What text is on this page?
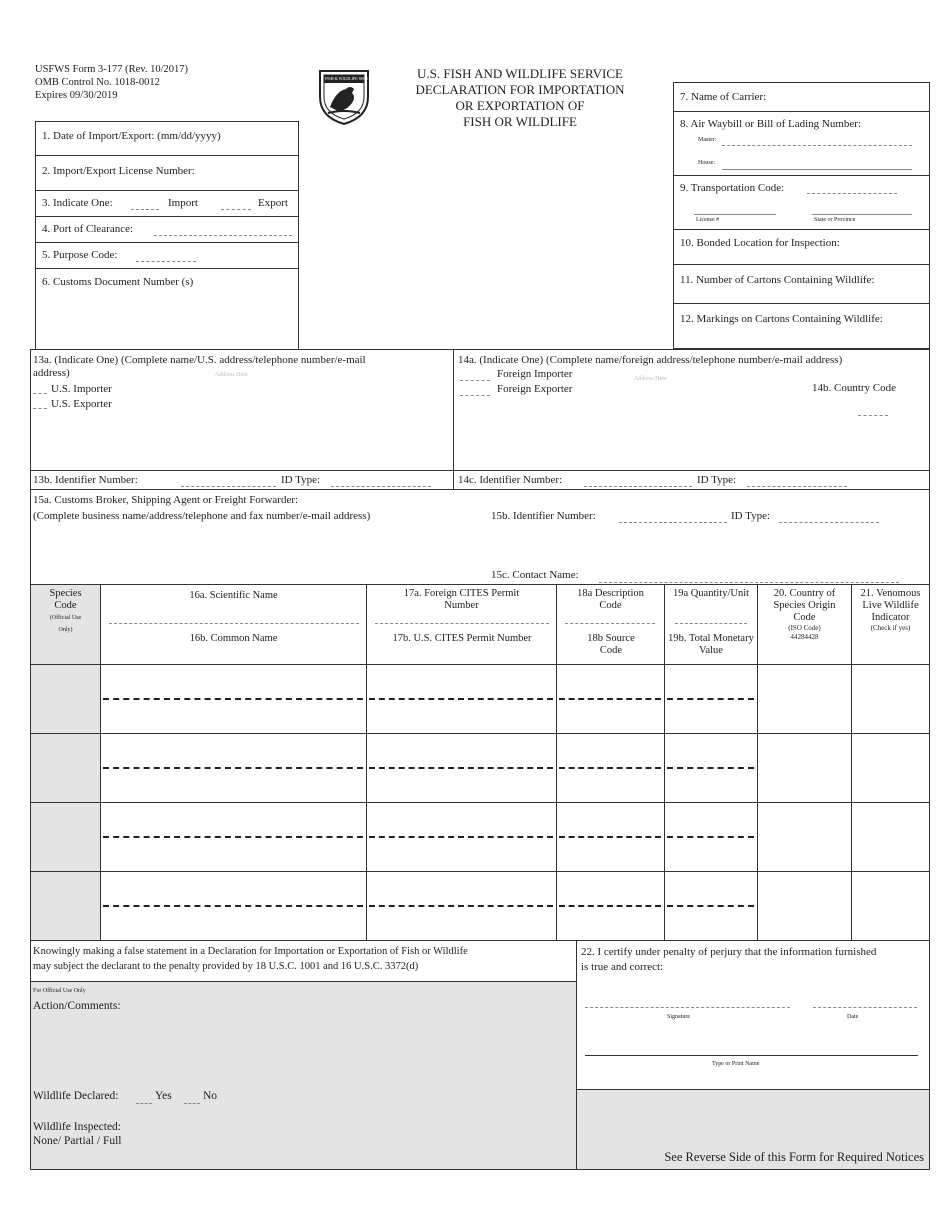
USFWS Form 3-177 (Rev. 10/2017)
OMB Control No. 1018-0012
Expires 09/30/2019
FISH & WILDLIFE SERVICE	U.S. FISH AND WILDLIFE SERVICE
DECLARATION FOR IMPORTATION
OR EXPORTATION OF
FISH OR WILDLIFE
1. Date of Import/Export: (mm/dd/yyyy)
2. Import/Export License Number:
3. Indicate One:	Import	Export
4. Port of Clearance:
5. Purpose Code:
6. Customs Document Number (s)
7. Name of Carrier:
8. Air Waybill or Bill of Lading Number:
Master:
House:
9. Transportation Code:
License #	State or Province
10. Bonded Location for Inspection:
11. Number of Cartons Containing Wildlife:
12. Markings on Cartons Containing Wildlife:
13a. (Indicate One) (Complete name/U.S. address/telephone number/e-mail
address)	Address Here
U.S. Importer
U.S. Exporter
13b. Identifier Number:	ID Type:
14a. (Indicate One) (Complete name/foreign address/telephone number/e-mail address)
Foreign Importer
Foreign Exporter
Address Here
14b. Country Code
14c. Identifier Number:	ID Type:
15a. Customs Broker, Shipping Agent or Freight Forwarder:
(Complete business name/address/telephone and fax number/e-mail address)	15b. Identifier Number:	ID Type:
15c. Contact Name:
Species Code
(Official Use Only)
16a. Scientific Name
16b. Common Name
17a. Foreign CITES Permit Number
17b. U.S. CITES Permit Number
18a Description Code
18b Source Code
19a Quantity/Unit
19b. Total Monetary Value
20. Country of Species Origin Code
(ISO Code)
44284428
21. Venomous Live Wildlife Indicator
(Check if yes)
Knowingly making a false statement in a Declaration for Importation or Exportation of Fish or Wildlife
may subject the declarant to the penalty provided by 18 U.S.C. 1001 and 16 U.S.C. 3372(d)
22. I certify under penalty of perjury that the information furnished
is true and correct:
Signature	Date
Type or Print Name
For Official Use Only
Action/Comments:
Wildlife Declared:	Yes	No
Wildlife Inspected:
None/ Partial / Full
See Reverse Side of this Form for Required Notices
